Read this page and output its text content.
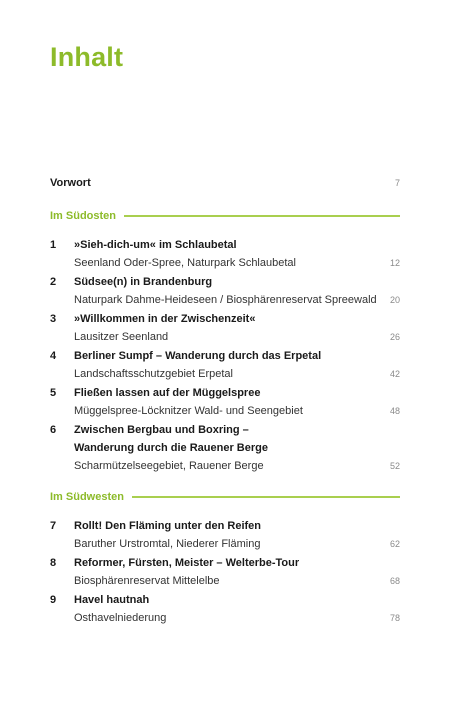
Inhalt
Vorwort	7
Im Südosten
1	»Sieh-dich-um« im Schlaubetal
Seenland Oder-Spree, Naturpark Schlaubetal	12
2	Südsee(n) in Brandenburg
Naturpark Dahme-Heideseen / Biosphärenreservat Spreewald 20
3	»Willkommen in der Zwischenzeit«
Lausitzer Seenland	26
4	Berliner Sumpf – Wanderung durch das Erpetal
Landschaftsschutzgebiet Erpetal	42
5	Fließen lassen auf der Müggelspree
Müggelspree-Löcknitzer Wald- und Seengebiet	48
6	Zwischen Bergbau und Boxring –
Wanderung durch die Rauener Berge
Scharmützelseegebiet, Rauener Berge	52
Im Südwesten
7	Rollt! Den Fläming unter den Reifen
Baruther Urstromtal, Niederer Fläming	62
8	Reformer, Fürsten, Meister – Welterbe-Tour
Biosphärenreservat Mittelelbe	68
9	Havel hautnah
Osthavelniederung	78
